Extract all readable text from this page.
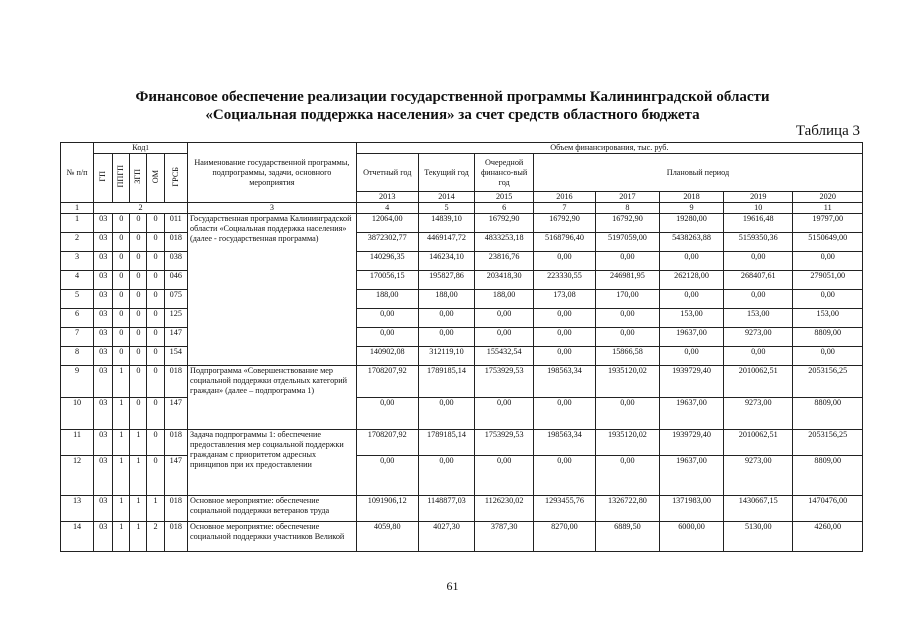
Финансовое обеспечение реализации государственной программы Калининградской области
«Социальная поддержка населения» за счет средств областного бюджета
Таблица 3
№ п/п	Код1					Наименование государственной программы, подпрограммы, задачи, основного мероприятия	Объем финансирования, тыс. руб.							
	ГП	ППГП	ЗГП	ОМ	ГРСБ		Отчетный год	Текущий год	Очередной финансо-вый год	Плановый период				
							2013	2014	2015	2016	2017	2018	2019	2020
1	2					3	4	5	6	7	8	9	10	11
1	03	0	0	0	011	Государственная программа Калининградской области «Социальная поддержка населения» (далее - государственная программа)	12064,00	14839,10	16792,90	16792,90	16792,90	19280,00	19616,48	19797,00
2	03	0	0	0	018		3872302,77	4469147,72	4833253,18	5168796,40	5197059,00	5438263,88	5159350,36	5150649,00
3	03	0	0	0	038		140296,35	146234,10	23816,76	0,00	0,00	0,00	0,00	0,00
4	03	0	0	0	046		170056,15	195827,86	203418,30	223330,55	246981,95	262128,00	268407,61	279051,00
5	03	0	0	0	075		188,00	188,00	188,00	173,08	170,00	0,00	0,00	0,00
6	03	0	0	0	125		0,00	0,00	0,00	0,00	0,00	153,00	153,00	153,00
7	03	0	0	0	147		0,00	0,00	0,00	0,00	0,00	19637,00	9273,00	8809,00
8	03	0	0	0	154		140902,08	312119,10	155432,54	0,00	15866,58	0,00	0,00	0,00
9	03	1	0	0	018	Подпрограмма «Совершенствование мер социальной поддержки отдельных категорий граждан» (далее – подпрограмма 1)	1708207,92	1789185,14	1753929,53	198563,34	1935120,02	1939729,40	2010062,51	2053156,25
10	03	1	0	0	147		0,00	0,00	0,00	0,00	0,00	19637,00	9273,00	8809,00
11	03	1	1	0	018	Задача подпрограммы 1: обеспечение предоставления мер социальной поддержки гражданам с приоритетом адресных принципов при их предоставлении	1708207,92	1789185,14	1753929,53	198563,34	1935120,02	1939729,40	2010062,51	2053156,25
12	03	1	1	0	147		0,00	0,00	0,00	0,00	0,00	19637,00	9273,00	8809,00
13	03	1	1	1	018	Основное мероприятие: обеспечение социальной поддержки ветеранов труда	1091906,12	1148877,03	1126230,02	1293455,76	1326722,80	1371983,00	1430667,15	1470476,00
14	03	1	1	2	018	Основное мероприятие: обеспечение социальной поддержки участников Великой	4059,80	4027,30	3787,30	8270,00	6889,50	6000,00	5130,00	4260,00
61
